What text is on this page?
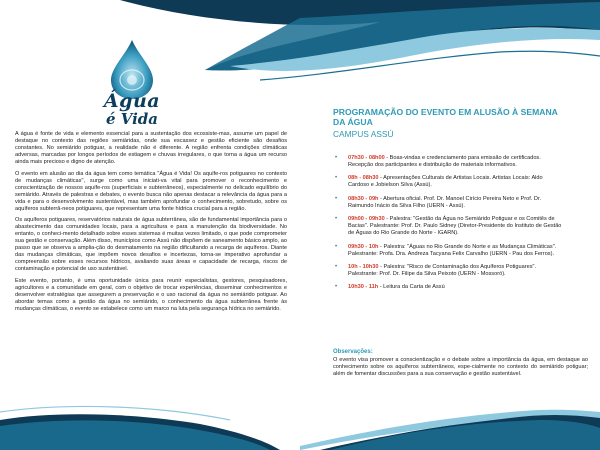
Água
é Vida

A água é fonte de vida e elemento essencial para a sustentação dos ecossiste-mas, assume um papel de destaque no contexto das regiões semiáridas, onde sua escassez e gestão eficiente são desafios constantes. No semiárido potiguar, a realidade não é diferente. A região enfrenta condições climáticas adversas, marcadas por longos períodos de estiagem e chuvas irregulares, o que torna a água um recurso ainda mais precioso e digno de atenção.

O evento em alusão ao dia da água tem como temática "Água é Vida! Os aquífe-ros potiguares no contexto de mudanças climáticas", surge como uma iniciati-va vital para promover o reconhecimento e conscientização de nossos aquífe-ros (superficiais e subterrâneos), especialmente no delicado equilíbrio do semiárido. Através de palestras e debates, o evento busca não apenas destacar a relevância da água para a vida e para o desenvolvimento sustentável, mas também aprofundar o conhecimento, sobretudo, sobre os aquíferos subterrâ-neos potiguares, que representam uma fonte hídrica crucial para a região.

Os aquíferos potiguares, reservatórios naturais de água subterrânea, são de fundamental importância para o abastecimento das comunidades locais, para a agricultura e para a manutenção da biodiversidade. No entanto, o conheci-mento detalhado sobre esses sistemas é muitas vezes limitado, o que pode comprometer sua gestão e conservação. Além disso, municípios como Assú não dispõem de saneamento básico amplo, ao passo que se observa a amplia-ção do desmatamento na região dificultando a recarga de aquíferos. Diante das mudanças climáticas, que impõem novos desafios e incertezas, torna-se imperativo aprofundar a compreensão sobre esses recursos hídricos, avaliando suas áreas e capacidade de recarga, riscos de contaminação e potencial de uso sustentável.

Este evento, portanto, é uma oportunidade única para reunir especialistas, gestores, pesquisadores, agricultores e a comunidade em geral, com o objetivo de trocar experiências, disseminar conhecimentos e desenvolver estratégias que assegurem a preservação e o uso racional da água no semiárido potiguar. Ao abordar temas como a gestão da água no semiárido, o conhecimento da água subterrânea frente às mudanças climáticas, o evento se estabelece como um marco na luta pela segurança hídrica no semiárido.

PROGRAMAÇÃO DO EVENTO EM ALUSÃO À SEMANA DA ÁGUA
CAMPUS ASSÚ
• 07h30 - 08h00 - Boas-vindas e credenciamento para emissão de certificados. Recepção dos participantes e distribuição de materiais informativos.
• 08h - 08h30 - Apresentações Culturais de Artistas Locais. Artistas Locais: Aldo Cardoso e Jobielson Silva (Assú).
• 08h30 - 09h - Abertura oficial. Prof. Dr. Manoel Cirício Pereira Neto e Prof. Dr. Raimundo Inácio da Silva Filho (UERN - Assú).
• 09h00 - 09h30 - Palestra: "Gestão da Água no Semiárido Potiguar e os Comitês de Bacias". Palestrante: Prof. Dr. Paulo Sidney (Diretor-Presidente do Instituto de Gestão de Águas do Rio Grande do Norte - IGARN).
• 09h30 - 10h - Palestra: "Águas no Rio Grande do Norte e as Mudanças Climáticas". Palestrante: Profa. Dra. Andreza Tacyana Felix Carvalho (UERN - Pau dos Ferros).
• 10h - 10h30 - Palestra: "Risco de Contaminação dos Aquíferos Potiguares". Palestrante: Prof. Dr. Filipe da Silva Peixoto (UERN - Mossoró).
• 10h30 - 11h - Leitura da Carta de Assú
Observações:
O evento visa promover a conscientização e o debate sobre a importância da água, em destaque ao conhecimento sobre os aquíferos subterrâneos, espe-cialmente no contexto do semiárido potiguar; além de fomentar discussões para a sua conservação e gestão sustentável.
